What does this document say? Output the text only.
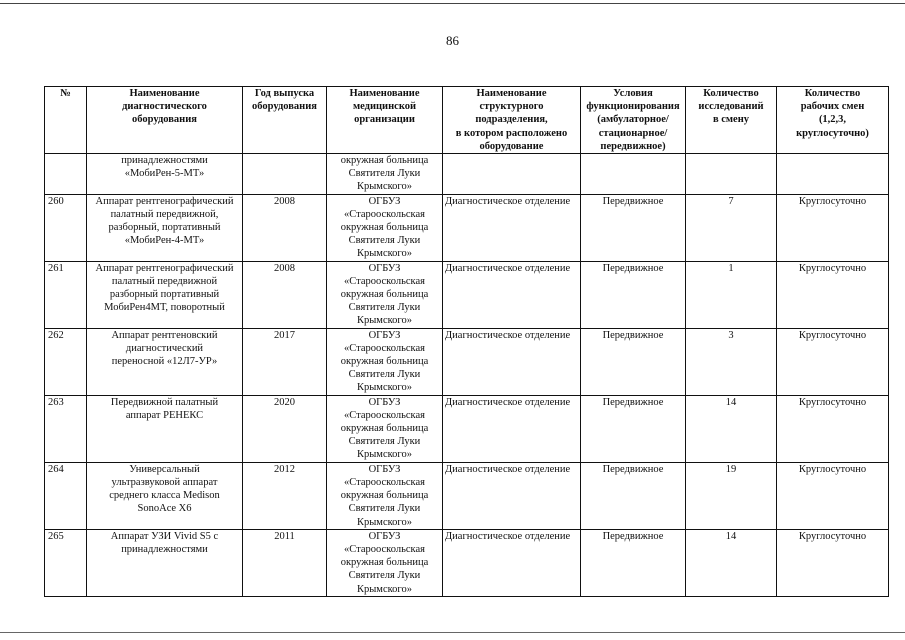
86
№	Наименование
диагностического
оборудования	Год выпуска
оборудования	Наименование
медицинской
организации	Наименование
структурного
подразделения,
в котором расположено
оборудование	Условия
функционирования
(амбулаторное/
стационарное/
передвижное)	Количество
исследований
в смену	Количество
рабочих смен
(1,2,3,
круглосуточно)
	принадлежностями
«МобиРен-5-МТ»		окружная больница
Святителя Луки
Крымского»				
260	Аппарат рентгенографический
палатный передвижной,
разборный, портативный
«МобиРен-4-МТ»	2008	ОГБУЗ
«Старооскольская
окружная больница
Святителя Луки
Крымского»	Диагностическое отделение	Передвижное	7	Круглосуточно
261	Аппарат рентгенографический
палатный передвижной
разборный портативный
МобиРен4МТ, поворотный	2008	ОГБУЗ
«Старооскольская
окружная больница
Святителя Луки
Крымского»	Диагностическое отделение	Передвижное	1	Круглосуточно
262	Аппарат рентгеновский
диагностический
переносной «12Л7-УР»	2017	ОГБУЗ
«Старооскольская
окружная больница
Святителя Луки
Крымского»	Диагностическое отделение	Передвижное	3	Круглосуточно
263	Передвижной палатный
аппарат РЕНЕКС	2020	ОГБУЗ
«Старооскольская
окружная больница
Святителя Луки
Крымского»	Диагностическое отделение	Передвижное	14	Круглосуточно
264	Универсальный
ультразвуковой аппарат
среднего класса Medison
SonoAce X6	2012	ОГБУЗ
«Старооскольская
окружная больница
Святителя Луки
Крымского»	Диагностическое отделение	Передвижное	19	Круглосуточно
265	Аппарат УЗИ Vivid S5 с
принадлежностями	2011	ОГБУЗ
«Старооскольская
окружная больница
Святителя Луки
Крымского»	Диагностическое отделение	Передвижное	14	Круглосуточно
